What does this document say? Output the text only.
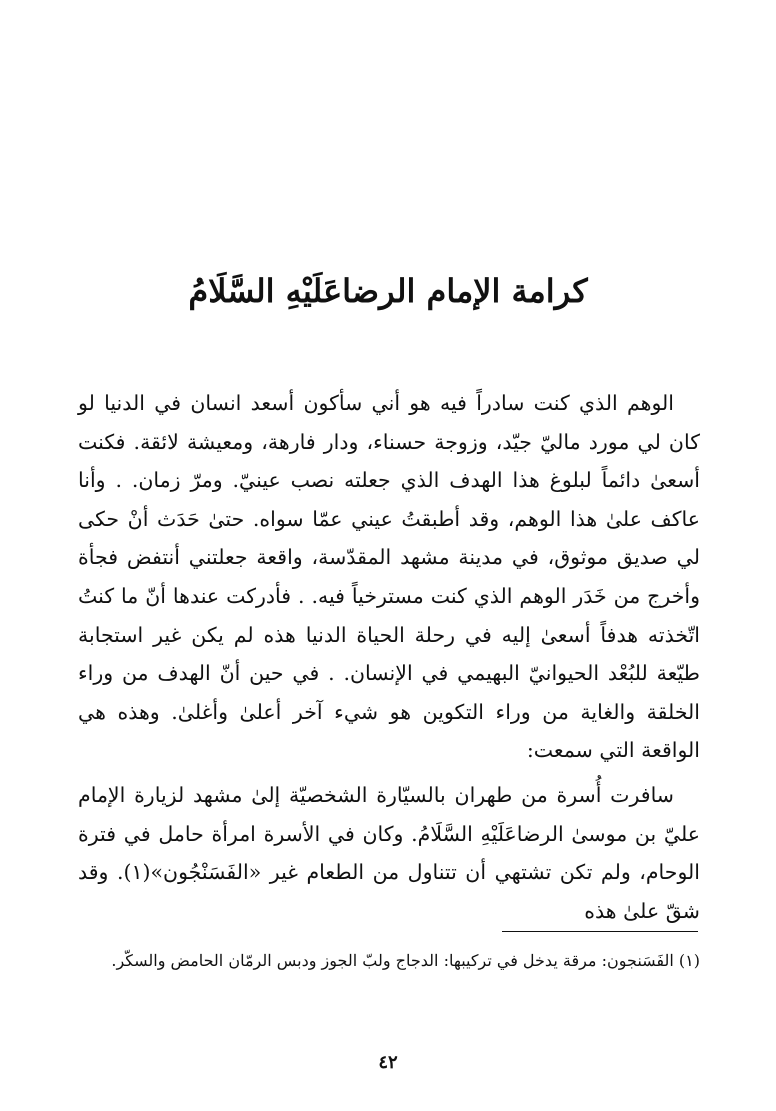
كرامة الإمام الرضاعَلَيْهِ السَّلَامُ

الوهم الذي كنت سادراً فيه هو أني سأكون أسعد انسان في الدنيا لو كان لي مورد ماليّ جيّد، وزوجة حسناء، ودار فارهة، ومعيشة لائقة. فكنت أسعىٰ دائماً لبلوغ هذا الهدف الذي جعلته نصب عينيّ. ومرّ زمان. . وأنا عاكف علىٰ هذا الوهم، وقد أطبقتُ عيني عمّا سواه. حتىٰ حَدَث أنْ حكى لي صديق موثوق، في مدينة مشهد المقدّسة، واقعة جعلتني أنتفض فجأة وأخرج من خَدَر الوهم الذي كنت مسترخياً فيه. . فأدركت عندها أنّ ما كنتُ اتّخذته هدفاً أسعىٰ إليه في رحلة الحياة الدنيا هذه لم يكن غير استجابة طيّعة للبُعْد الحيوانيّ البهيمي في الإنسان. . في حين أنّ الهدف من وراء الخلقة والغاية من وراء التكوين هو شيء آخر أعلىٰ وأغلىٰ. وهذه هي الواقعة التي سمعت:

سافرت أُسرة من طهران بالسيّارة الشخصيّة إلىٰ مشهد لزيارة الإمام عليّ بن موسىٰ الرضاعَلَيْهِ السَّلَامُ. وكان في الأسرة امرأة حامل في فترة الوحام، ولم تكن تشتهي أن تتناول من الطعام غير «الفَسَنْجُون»(١). وقد شقّ علىٰ هذه

(١) الفَسَنجون: مرقة يدخل في تركيبها: الدجاج ولبّ الجوز ودبس الرمّان الحامض والسكّر.
٤٢
